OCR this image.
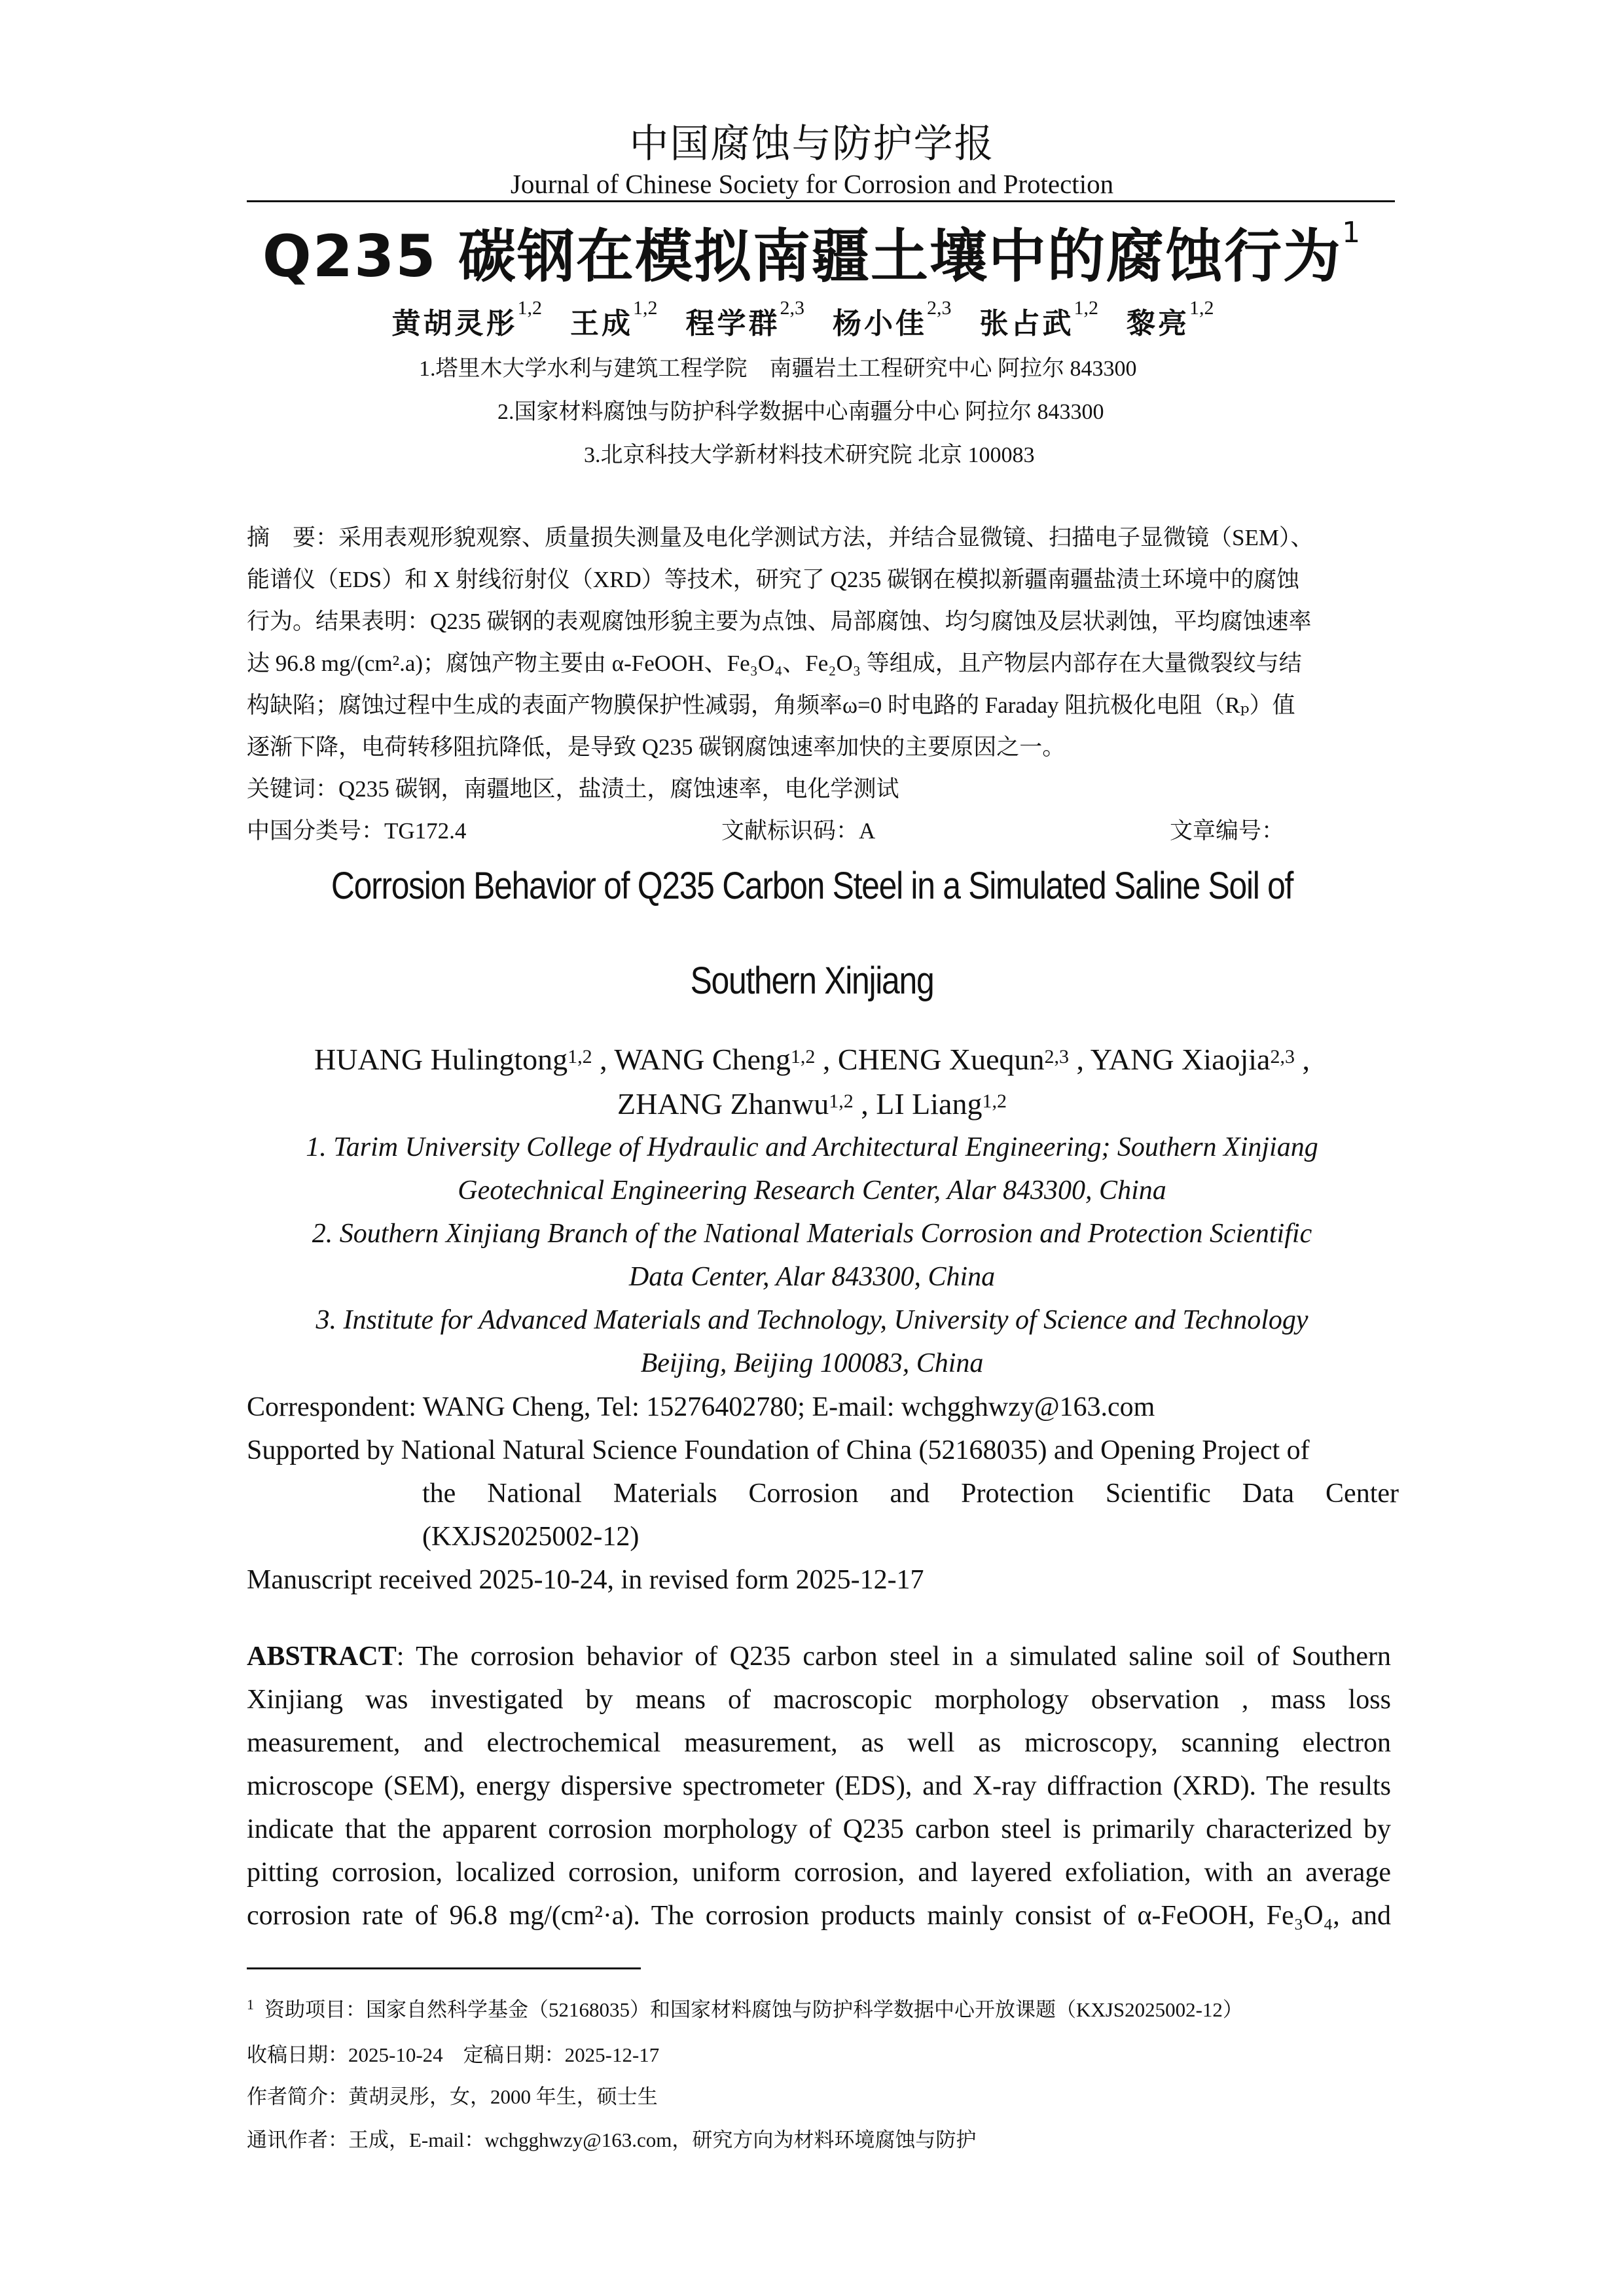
中国腐蚀与防护学报
Journal of Chinese Society for Corrosion and Protection
Q235 碳钢在模拟南疆土壤中的腐蚀行为$^1$
黄胡灵彤$^{1,2}$ 王成$^{1,2}$ 程学群$^{2,3}$ 杨小佳$^{2,3}$ 张占武$^{1,2}$ 黎亮$^{1,2}$
1.塔里木大学水利与建筑工程学院　南疆岩土工程研究中心 阿拉尔 843300
2.国家材料腐蚀与防护科学数据中心南疆分中心 阿拉尔 843300
3.北京科技大学新材料技术研究院 北京 100083
摘　要：采用表观形貌观察、质量损失测量及电化学测试方法，并结合显微镜、扫描电子显微镜（SEM）、
能谱仪（EDS）和 X 射线衍射仪（XRD）等技术，研究了 Q235 碳钢在模拟新疆南疆盐渍土环境中的腐蚀
行为。结果表明：Q235 碳钢的表观腐蚀形貌主要为点蚀、局部腐蚀、均匀腐蚀及层状剥蚀，平均腐蚀速率
达 96.8 mg/(cm².a)；腐蚀产物主要由 α-FeOOH、Fe₃O₄、Fe₂O₃ 等组成，且产物层内部存在大量微裂纹与结
构缺陷；腐蚀过程中生成的表面产物膜保护性减弱，角频率ω=0 时电路的 Faraday 阻抗极化电阻（Rₚ）值
逐渐下降，电荷转移阻抗降低，是导致 Q235 碳钢腐蚀速率加快的主要原因之一。
关键词：Q235 碳钢，南疆地区，盐渍土，腐蚀速率，电化学测试
中国分类号：TG172.4	文献标识码：A	文章编号：
Corrosion Behavior of Q235 Carbon Steel in a Simulated Saline Soil of
Southern Xinjiang
HUANG Hulingtong$^{1,2}$ , WANG Cheng$^{1,2}$ , CHENG Xuequn$^{2,3}$ , YANG Xiaojia$^{2,3}$ ,
ZHANG Zhanwu$^{1,2}$ , LI Liang$^{1,2}$
1. Tarim University College of Hydraulic and Architectural Engineering; Southern Xinjiang
Geotechnical Engineering Research Center, Alar 843300, China
2. Southern Xinjiang Branch of the National Materials Corrosion and Protection Scientific
Data Center, Alar 843300, China
3. Institute for Advanced Materials and Technology, University of Science and Technology
Beijing, Beijing 100083, China
Correspondent: WANG Cheng, Tel: 15276402780; E-mail: wchgghwzy@163.com
Supported by National Natural Science Foundation of China (52168035) and Opening Project of
the National Materials Corrosion and Protection Scientific Data Center
(KXJS2025002-12)
Manuscript received 2025-10-24, in revised form 2025-12-17
ABSTRACT: The corrosion behavior of Q235 carbon steel in a simulated saline soil of Southern
Xinjiang was investigated by means of macroscopic morphology observation , mass loss
measurement, and electrochemical measurement, as well as microscopy, scanning electron
microscope (SEM), energy dispersive spectrometer (EDS), and X-ray diffraction (XRD). The results
indicate that the apparent corrosion morphology of Q235 carbon steel is primarily characterized by
pitting corrosion, localized corrosion, uniform corrosion, and layered exfoliation, with an average
corrosion rate of 96.8 mg/(cm²·a). The corrosion products mainly consist of α-FeOOH, Fe₃O₄, and
$^1$ 资助项目：国家自然科学基金（52168035）和国家材料腐蚀与防护科学数据中心开放课题（KXJS2025002-12）
收稿日期：2025-10-24　定稿日期：2025-12-17
作者简介：黄胡灵彤，女，2000 年生，硕士生
通讯作者：王成，E-mail：wchgghwzy@163.com，研究方向为材料环境腐蚀与防护
